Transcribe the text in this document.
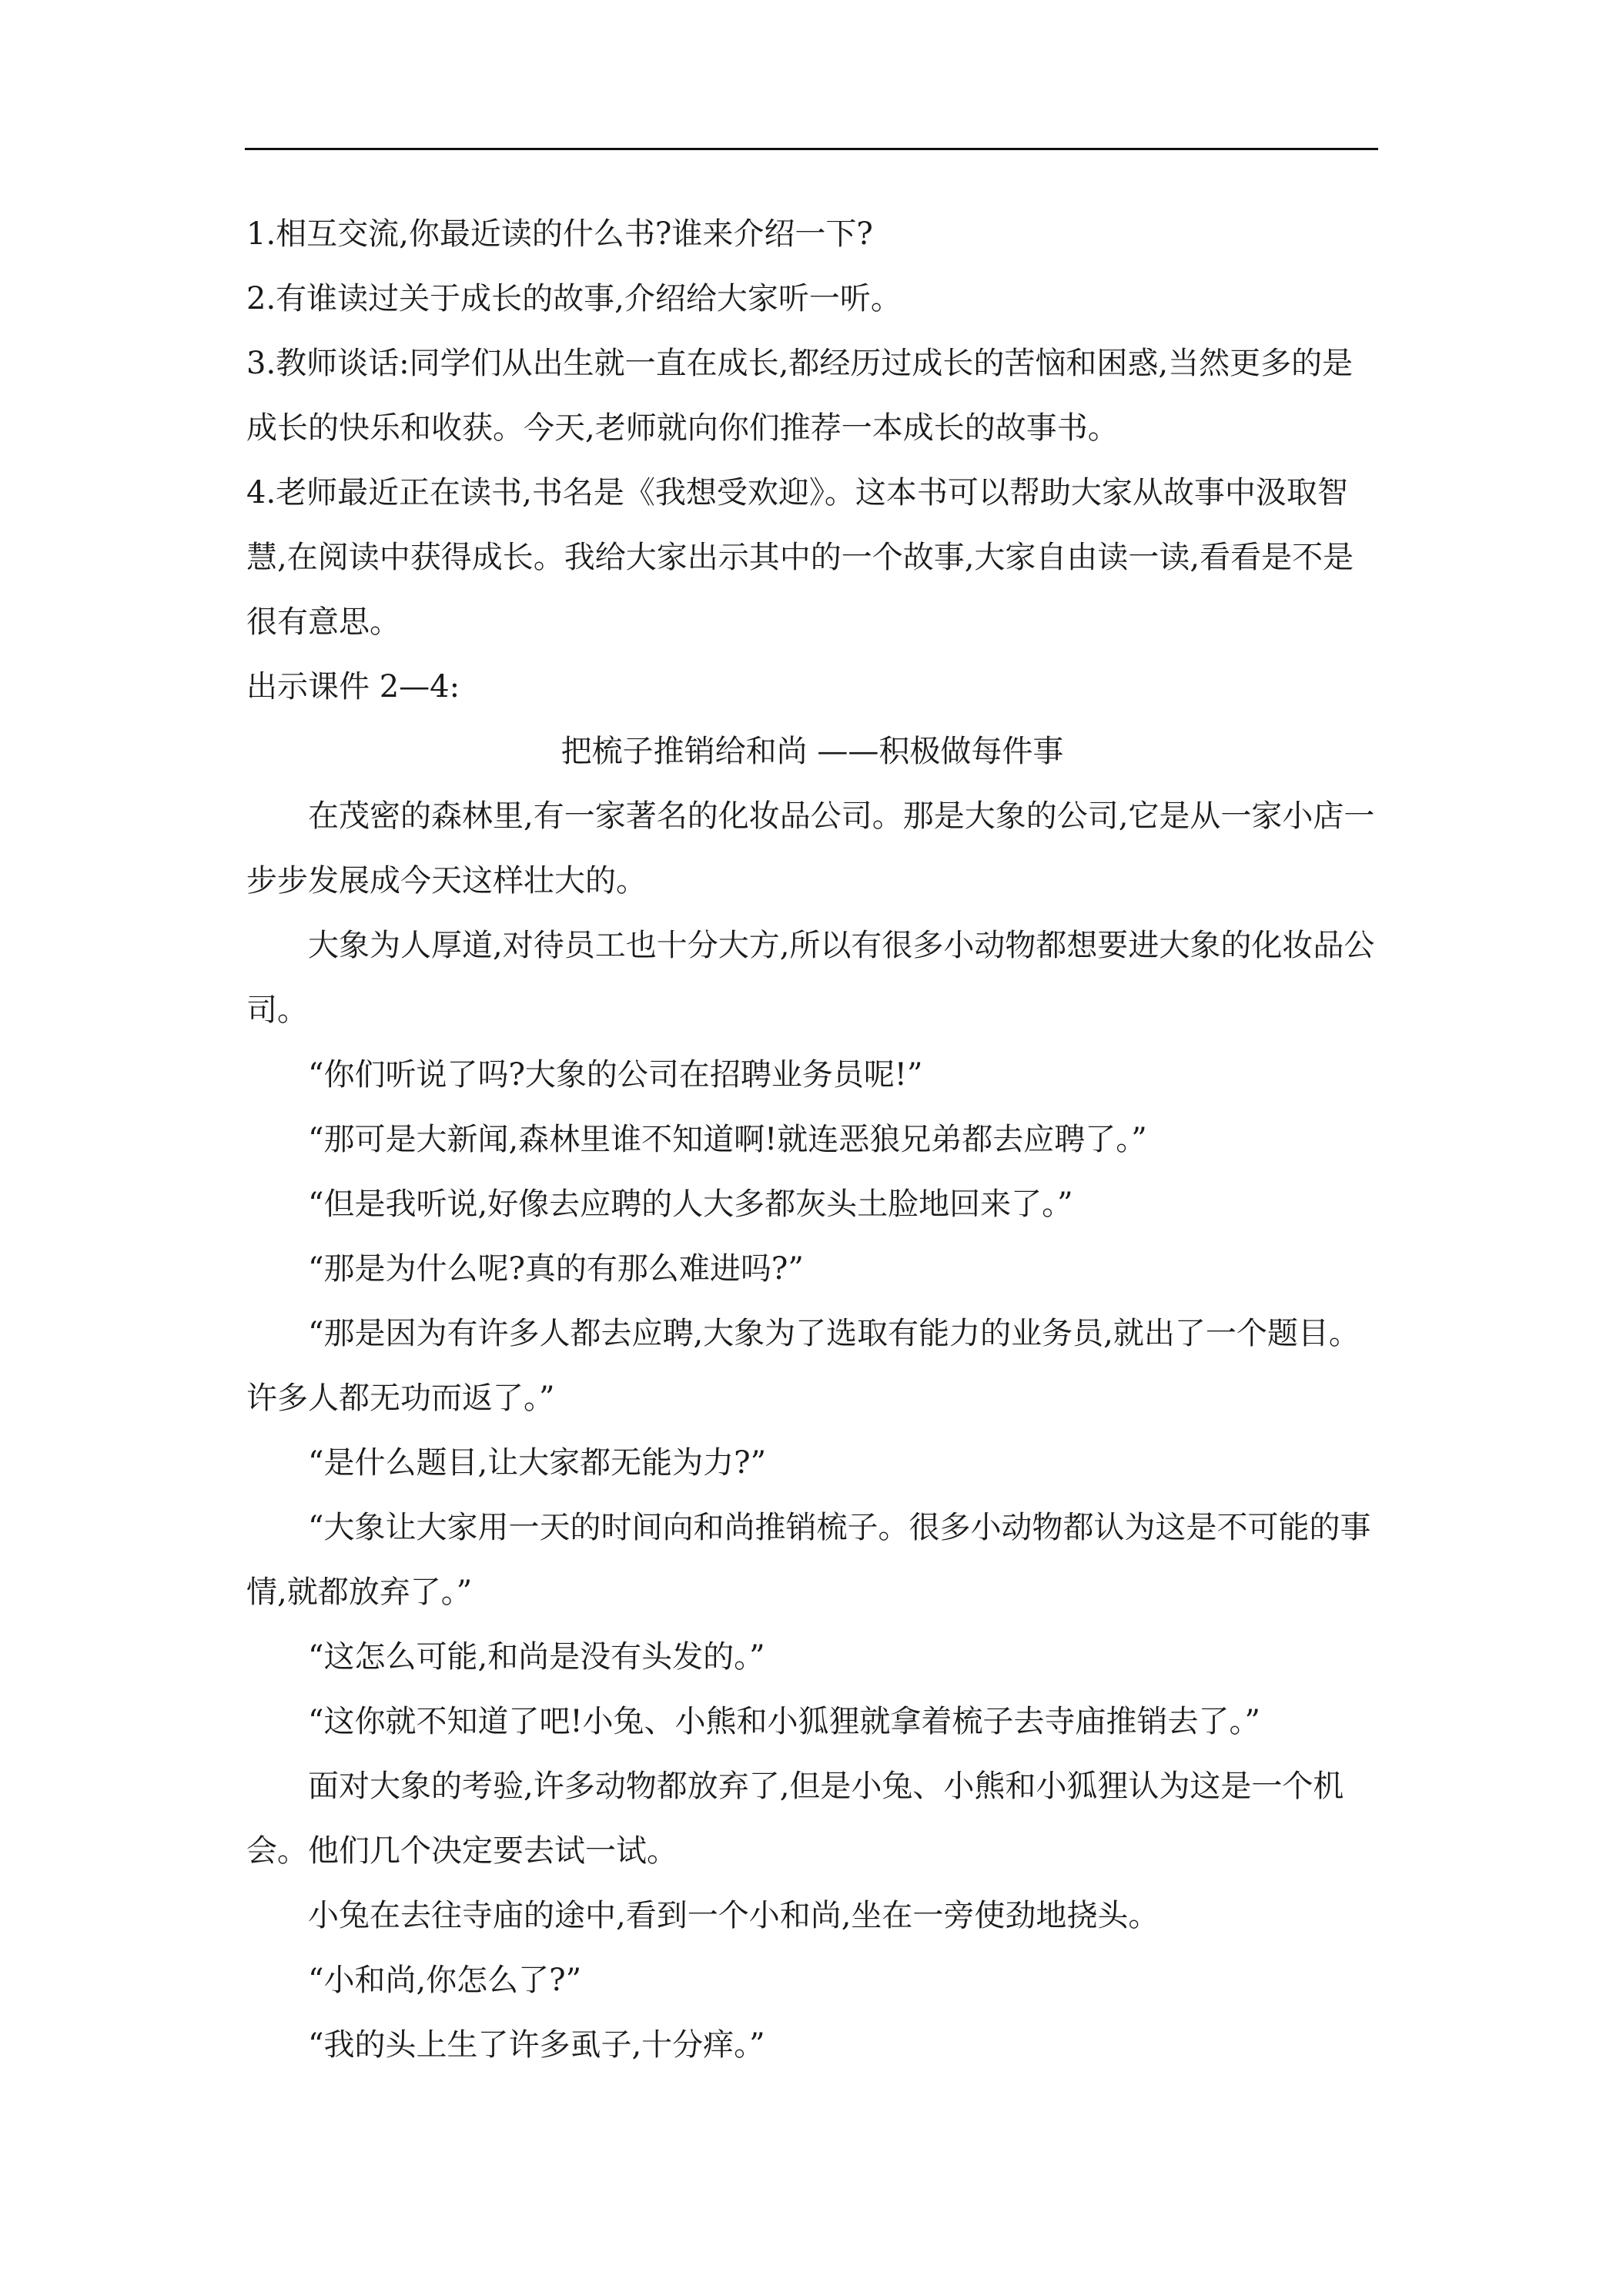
1.相互交流,你最近读的什么书?谁来介绍一下?

2.有谁读过关于成长的故事,介绍给大家听一听。

3.教师谈话:同学们从出生就一直在成长,都经历过成长的苦恼和困惑,当然更多的是成长的快乐和收获。今天,老师就向你们推荐一本成长的故事书。

4.老师最近正在读书,书名是《我想受欢迎》。这本书可以帮助大家从故事中汲取智慧,在阅读中获得成长。我给大家出示其中的一个故事,大家自由读一读,看看是不是很有意思。

出示课件 2—4:

把梳子推销给和尚 ——积极做每件事

在茂密的森林里,有一家著名的化妆品公司。那是大象的公司,它是从一家小店一步步发展成今天这样壮大的。

大象为人厚道,对待员工也十分大方,所以有很多小动物都想要进大象的化妆品公司。

“你们听说了吗?大象的公司在招聘业务员呢!”

“那可是大新闻,森林里谁不知道啊!就连恶狼兄弟都去应聘了。”

“但是我听说,好像去应聘的人大多都灰头土脸地回来了。”

“那是为什么呢?真的有那么难进吗?”

“那是因为有许多人都去应聘,大象为了选取有能力的业务员,就出了一个题目。许多人都无功而返了。”

“是什么题目,让大家都无能为力?”

“大象让大家用一天的时间向和尚推销梳子。很多小动物都认为这是不可能的事情,就都放弃了。”

“这怎么可能,和尚是没有头发的。”

“这你就不知道了吧!小兔、小熊和小狐狸就拿着梳子去寺庙推销去了。”

面对大象的考验,许多动物都放弃了,但是小兔、小熊和小狐狸认为这是一个机会。他们几个决定要去试一试。

小兔在去往寺庙的途中,看到一个小和尚,坐在一旁使劲地挠头。

“小和尚,你怎么了?”

“我的头上生了许多虱子,十分痒。”
